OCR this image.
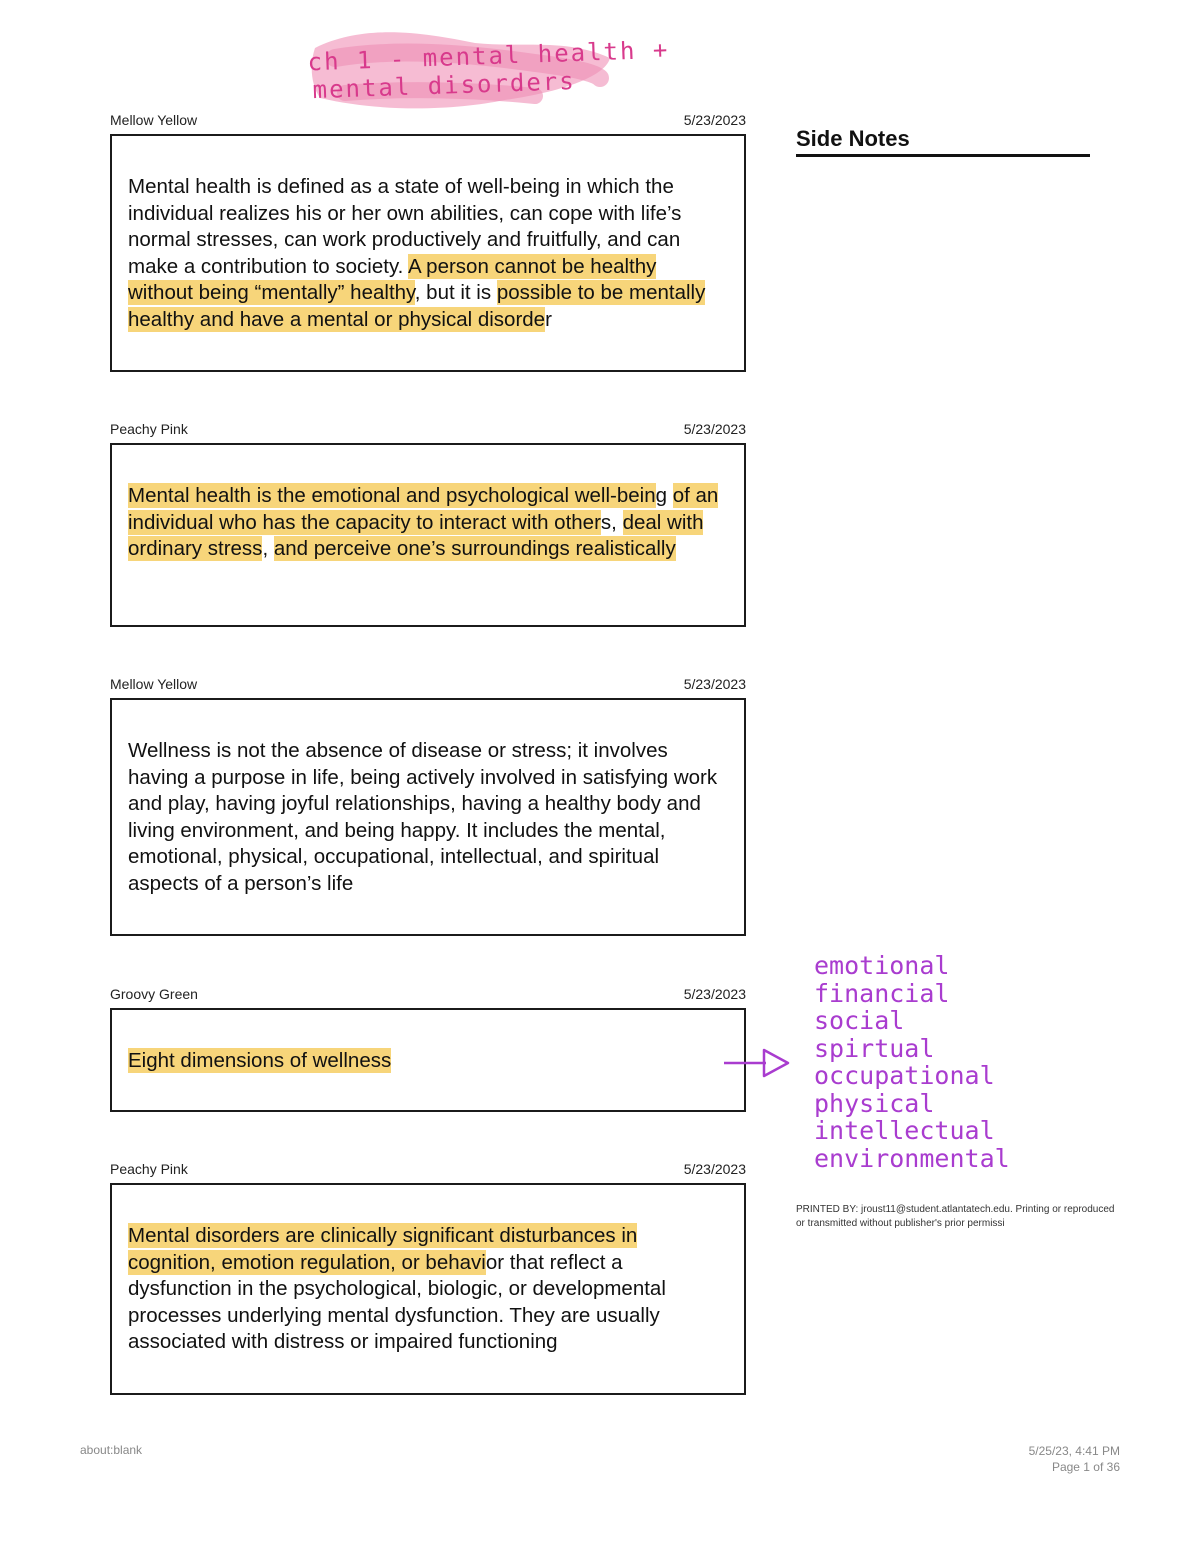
ch 1 - mental health +
mental disorders
Mellow Yellow	5/23/2023
Mental health is defined as a state of well-being in which the individual realizes his or her own abilities, can cope with life’s normal stresses, can work productively and fruitfully, and can make a contribution to society. A person cannot be healthy without being “mentally” healthy, but it is possible to be mentally healthy and have a mental or physical disorder
Peachy Pink	5/23/2023
Mental health is the emotional and psychological well-being of an individual who has the capacity to interact with others, deal with ordinary stress, and perceive one’s surroundings realistically
Mellow Yellow	5/23/2023
Wellness is not the absence of disease or stress; it involves having a purpose in life, being actively involved in satisfying work and play, having joyful relationships, having a healthy body and living environment, and being happy. It includes the mental, emotional, physical, occupational, intellectual, and spiritual aspects of a person’s life
Groovy Green	5/23/2023
Eight dimensions of wellness
Peachy Pink	5/23/2023
Mental disorders are clinically significant disturbances in cognition, emotion regulation, or behavior that reflect a dysfunction in the psychological, biologic, or developmental processes underlying mental dysfunction. They are usually associated with distress or impaired functioning
Side Notes
emotional
financial
social
spirtual
occupational
physical
intellectual
environmental
PRINTED BY: jroust11@student.atlantatech.edu. Printing or reproduced or transmitted without publisher's prior permissi
about:blank	5/25/23, 4:41 PM
Page 1 of 36
